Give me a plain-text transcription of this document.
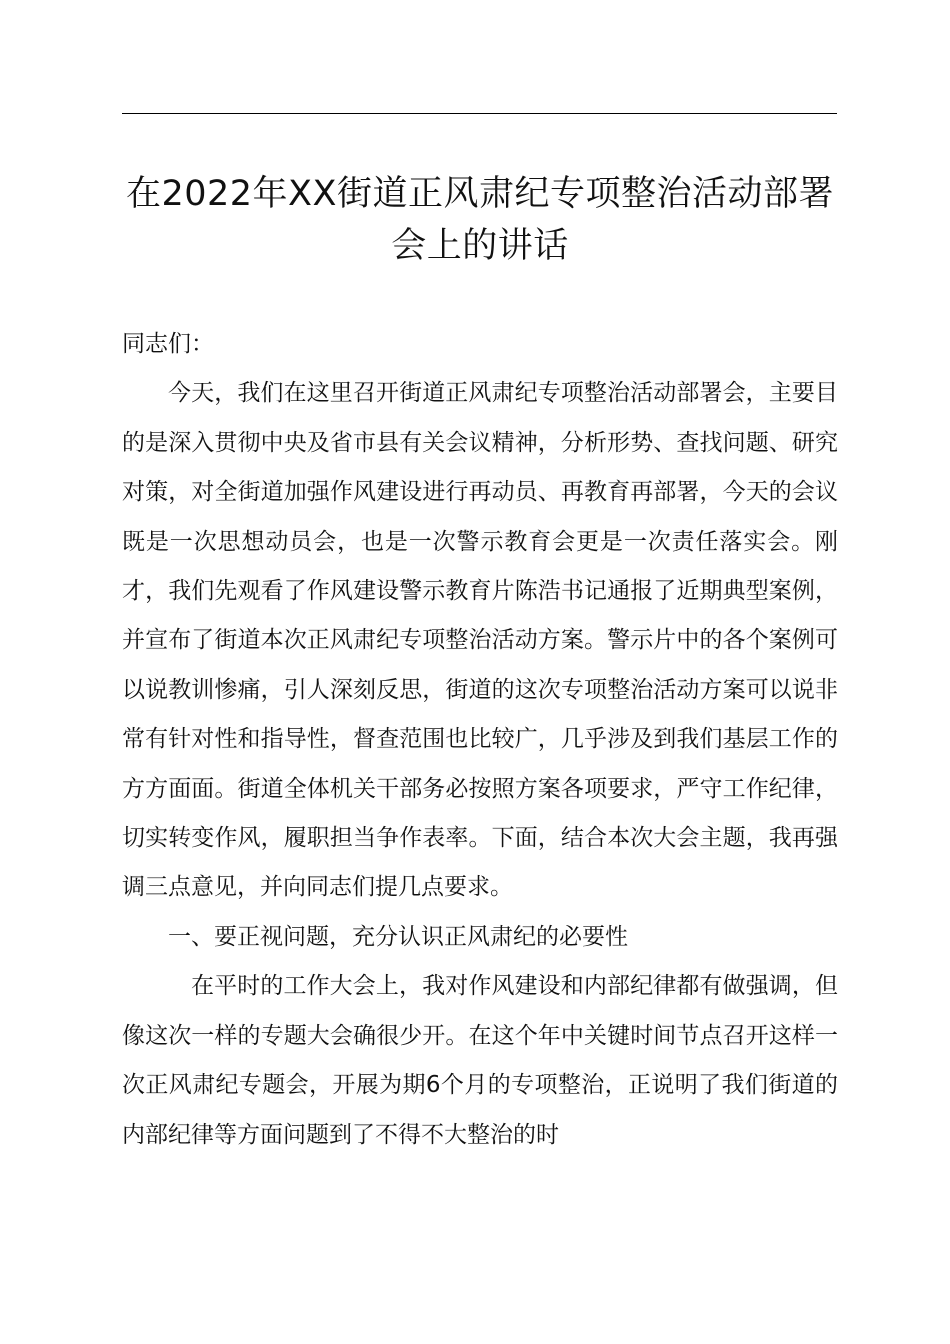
在2022年XX街道正风肃纪专项整治活动部署会上的讲话

同志们：

今天，我们在这里召开街道正风肃纪专项整治活动部署会，主要目的是深入贯彻中央及省市县有关会议精神，分析形势、查找问题、研究对策，对全街道加强作风建设进行再动员、再教育再部署，今天的会议既是一次思想动员会，也是一次警示教育会更是一次责任落实会。刚才，我们先观看了作风建设警示教育片陈浩书记通报了近期典型案例，并宣布了街道本次正风肃纪专项整治活动方案。警示片中的各个案例可以说教训惨痛，引人深刻反思，街道的这次专项整治活动方案可以说非常有针对性和指导性，督查范围也比较广，几乎涉及到我们基层工作的方方面面。街道全体机关干部务必按照方案各项要求，严守工作纪律，切实转变作风，履职担当争作表率。下面，结合本次大会主题，我再强调三点意见，并向同志们提几点要求。

一、要正视问题，充分认识正风肃纪的必要性

在平时的工作大会上，我对作风建设和内部纪律都有做强调，但像这次一样的专题大会确很少开。在这个年中关键时间节点召开这样一次正风肃纪专题会，开展为期6个月的专项整治，正说明了我们街道的内部纪律等方面问题到了不得不大整治的时
